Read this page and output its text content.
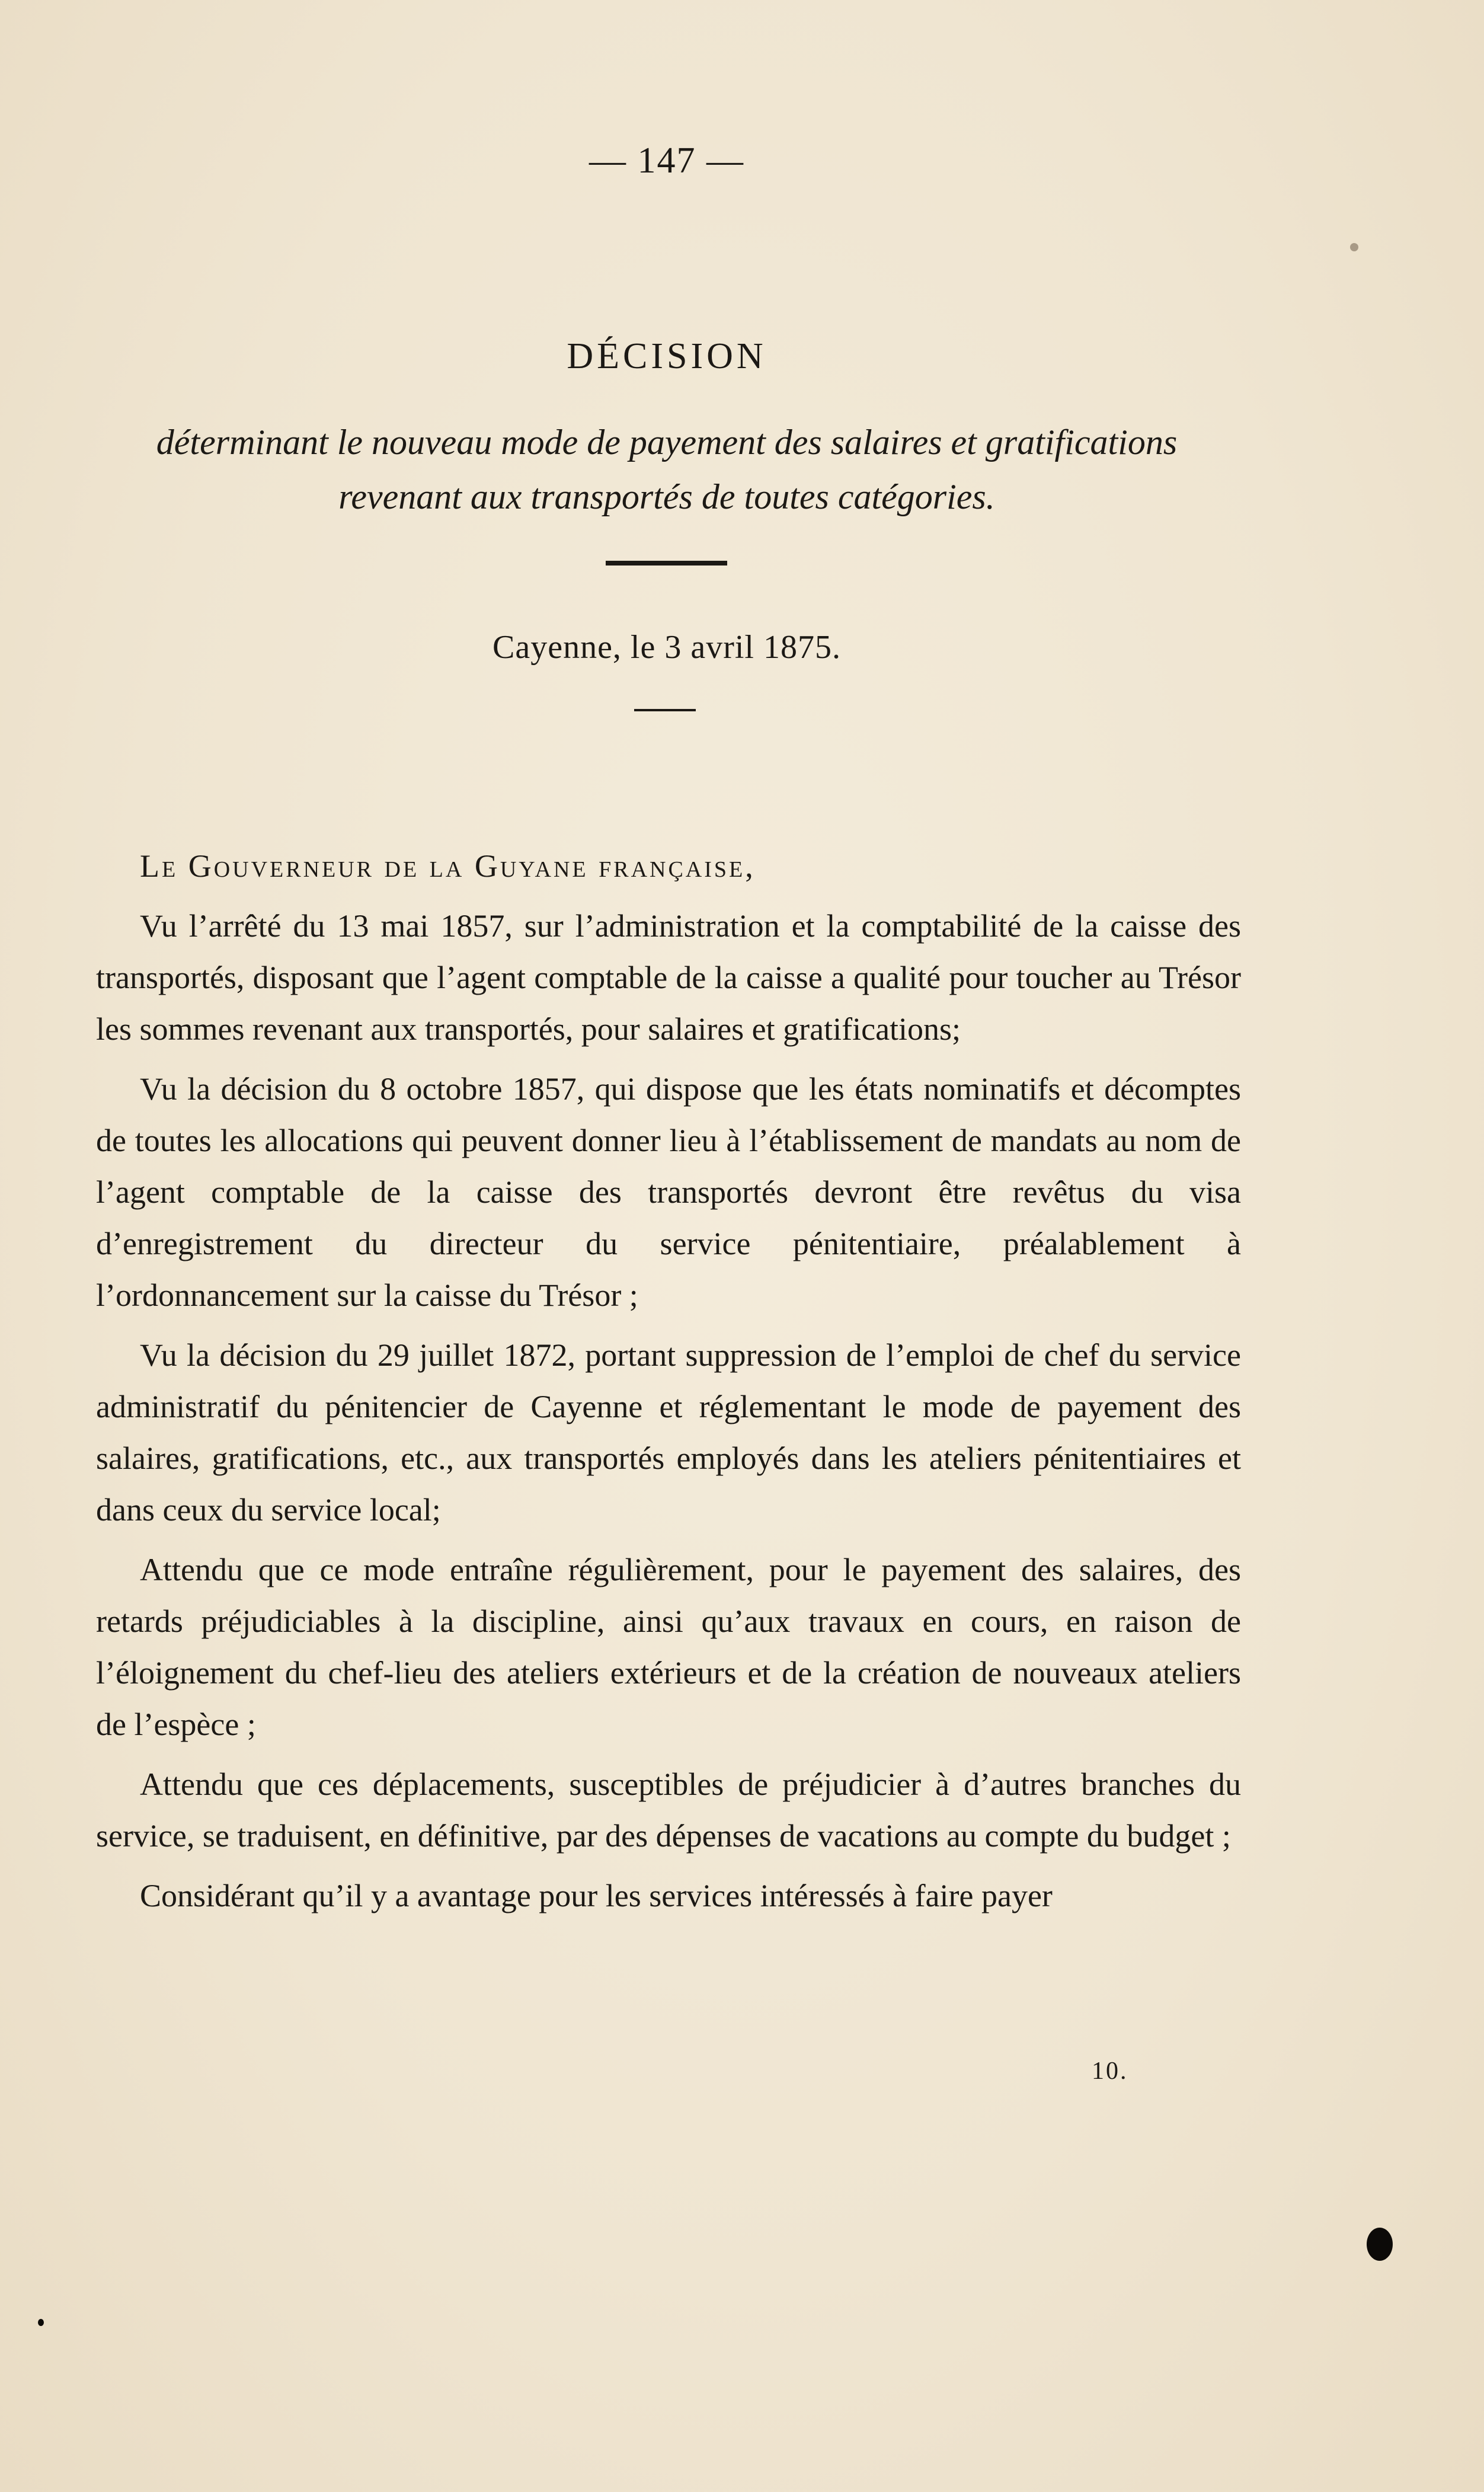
— 147 —
DÉCISION
déterminant le nouveau mode de payement des salaires et gratifications
revenant aux transportés de toutes catégories.
Cayenne, le 3 avril 1875.

Le Gouverneur de la Guyane française,

Vu l’arrêté du 13 mai 1857, sur l’administration et la comptabilité de la caisse des transportés, disposant que l’agent comptable de la caisse a qualité pour toucher au Trésor les sommes revenant aux transportés, pour salaires et gratifications;

Vu la décision du 8 octobre 1857, qui dispose que les états nominatifs et décomptes de toutes les allocations qui peuvent donner lieu à l’établissement de mandats au nom de l’agent comptable de la caisse des transportés devront être revêtus du visa d’enregistrement du directeur du service pénitentiaire, préalablement à l’ordonnancement sur la caisse du Trésor ;

Vu la décision du 29 juillet 1872, portant suppression de l’emploi de chef du service administratif du pénitencier de Cayenne et réglementant le mode de payement des salaires, gratifications, etc., aux transportés employés dans les ateliers pénitentiaires et dans ceux du service local;

Attendu que ce mode entraîne régulièrement, pour le payement des salaires, des retards préjudiciables à la discipline, ainsi qu’aux travaux en cours, en raison de l’éloignement du chef-lieu des ateliers extérieurs et de la création de nouveaux ateliers de l’espèce ;

Attendu que ces déplacements, susceptibles de préjudicier à d’autres branches du service, se traduisent, en définitive, par des dépenses de vacations au compte du budget ;

Considérant qu’il y a avantage pour les services intéressés à faire payer

10.
